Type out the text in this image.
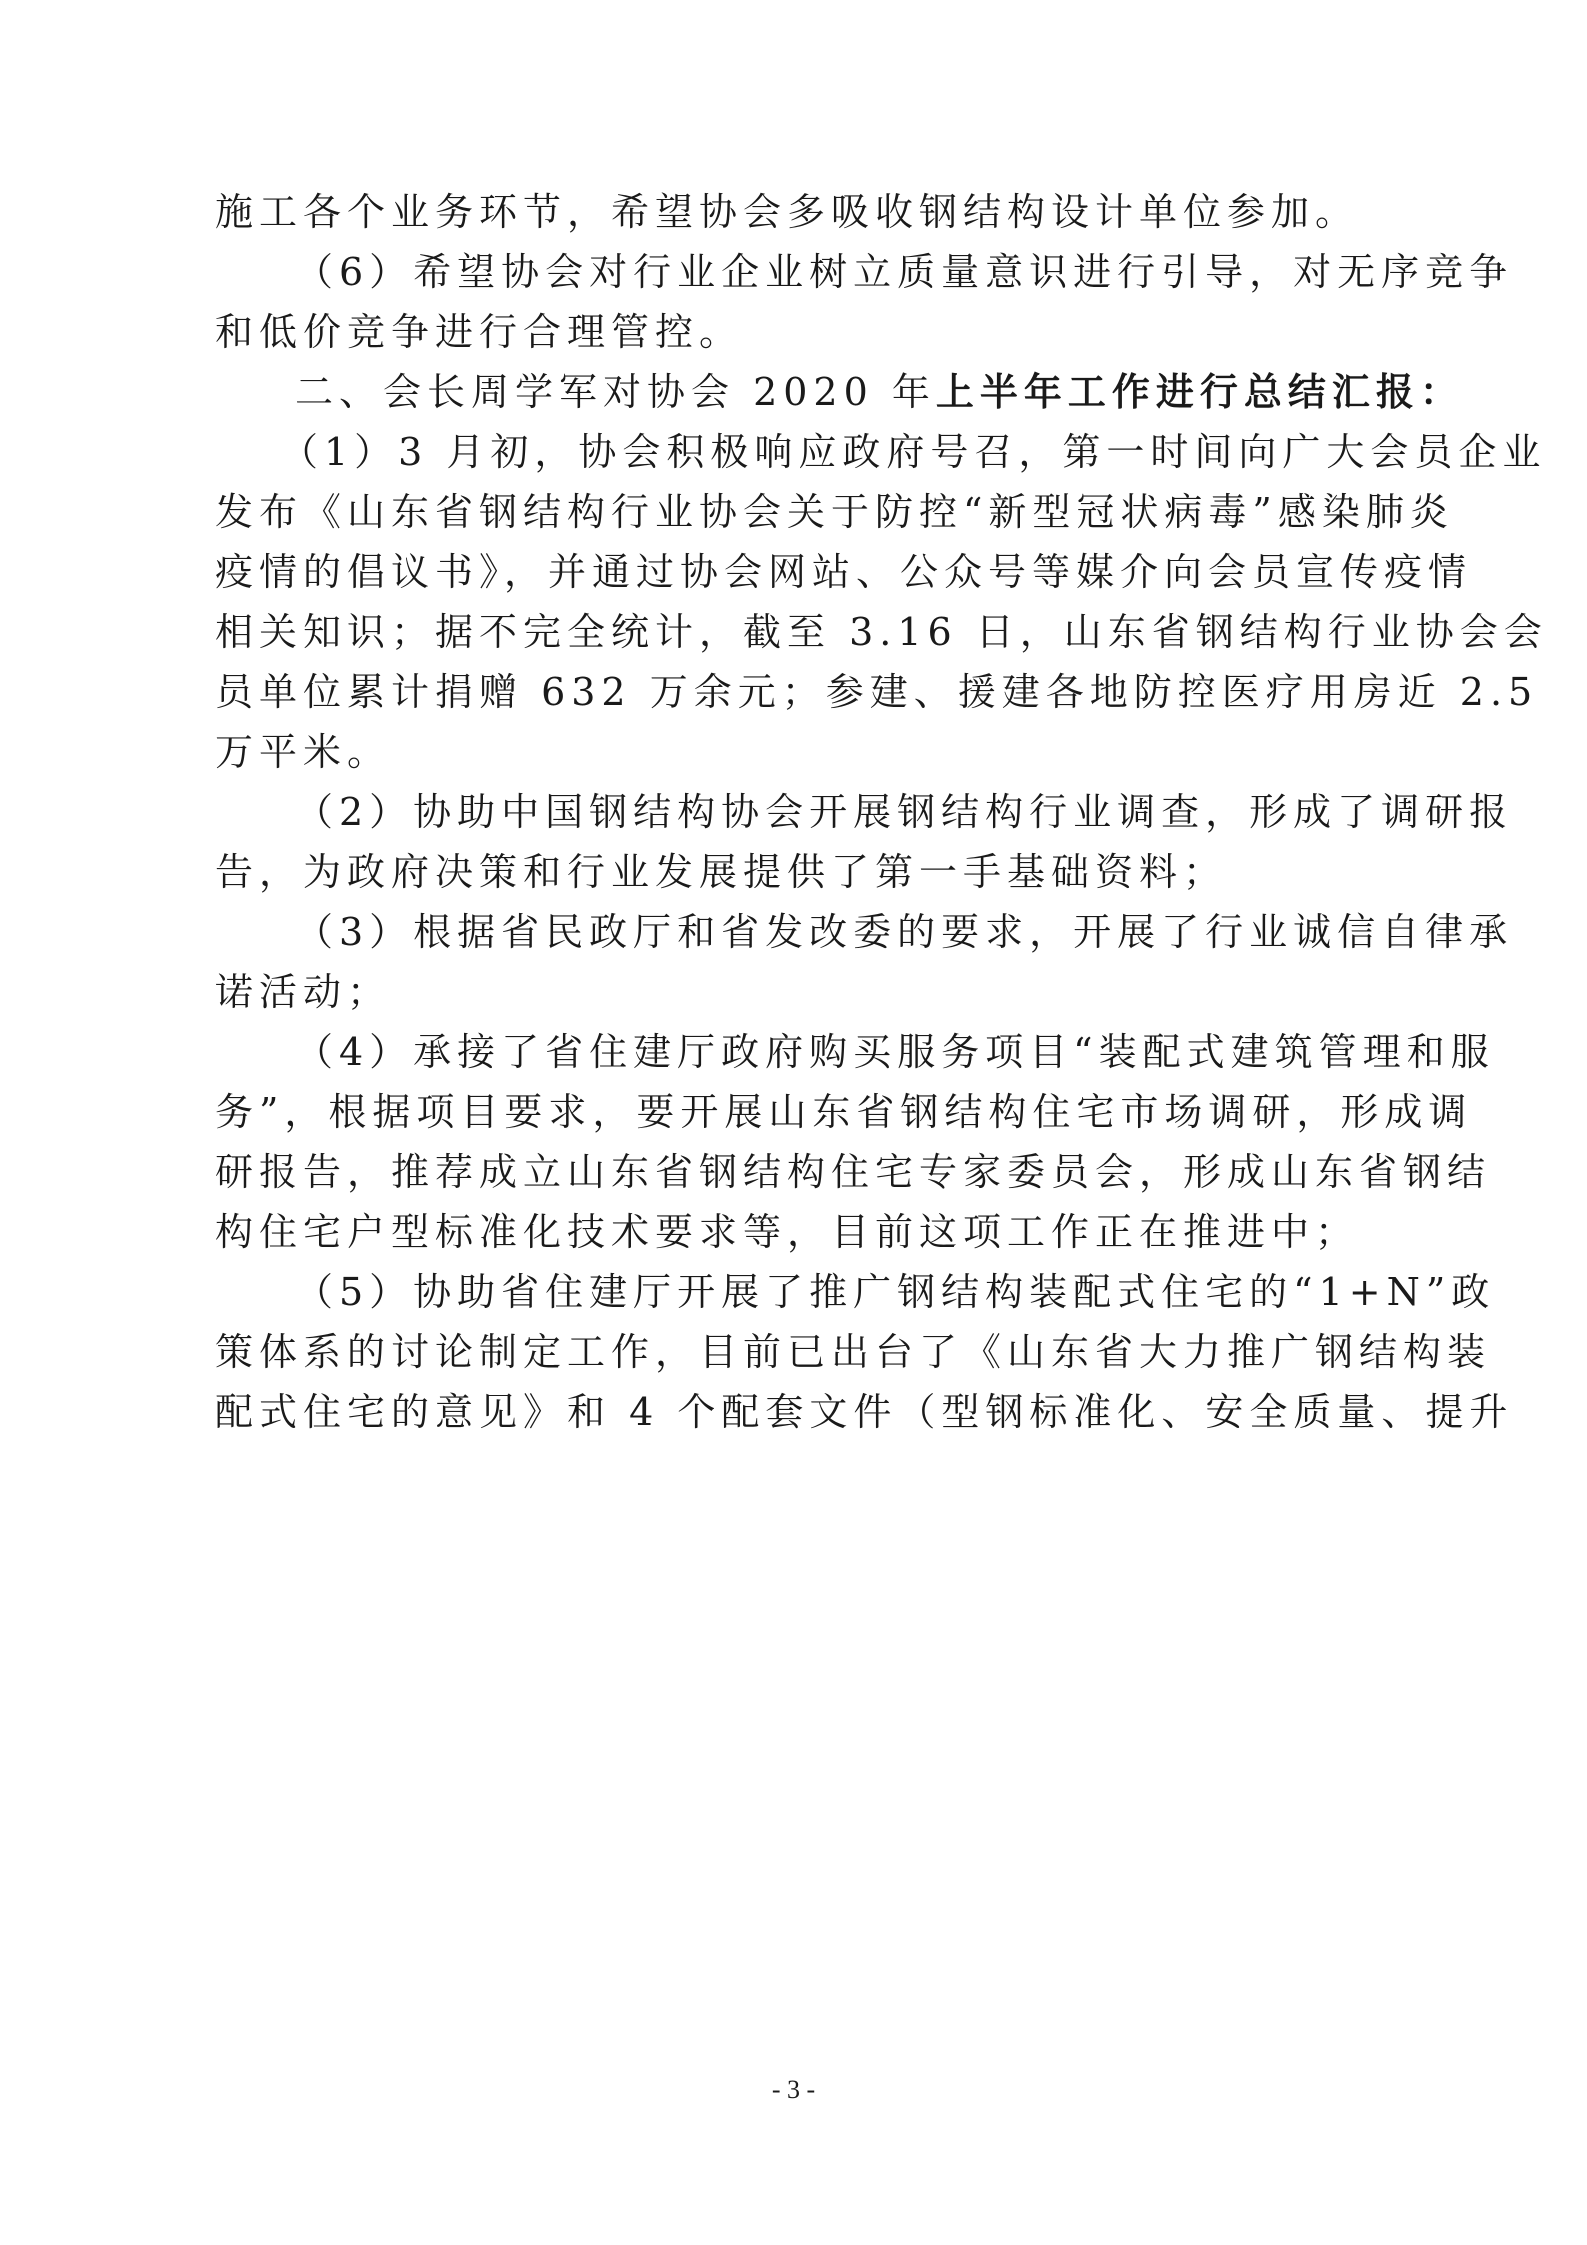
施工各个业务环节，希望协会多吸收钢结构设计单位参加。
（6）希望协会对行业企业树立质量意识进行引导，对无序竞争
和低价竞争进行合理管控。
二、会长周学军对协会 2020 年上半年工作进行总结汇报：
（1）3 月初，协会积极响应政府号召，第一时间向广大会员企业
发布《山东省钢结构行业协会关于防控“新型冠状病毒”感染肺炎
疫情的倡议书》，并通过协会网站、公众号等媒介向会员宣传疫情
相关知识；据不完全统计，截至 3.16 日，山东省钢结构行业协会会
员单位累计捐赠 632 万余元；参建、援建各地防控医疗用房近 2.5
万平米。
（2）协助中国钢结构协会开展钢结构行业调查，形成了调研报
告，为政府决策和行业发展提供了第一手基础资料；
（3）根据省民政厅和省发改委的要求，开展了行业诚信自律承
诺活动；
（4）承接了省住建厅政府购买服务项目“装配式建筑管理和服
务”，根据项目要求，要开展山东省钢结构住宅市场调研，形成调
研报告，推荐成立山东省钢结构住宅专家委员会，形成山东省钢结
构住宅户型标准化技术要求等，目前这项工作正在推进中；
（5）协助省住建厅开展了推广钢结构装配式住宅的“1+N”政
策体系的讨论制定工作，目前已出台了《山东省大力推广钢结构装
配式住宅的意见》和 4 个配套文件（型钢标准化、安全质量、提升
- 3 -
